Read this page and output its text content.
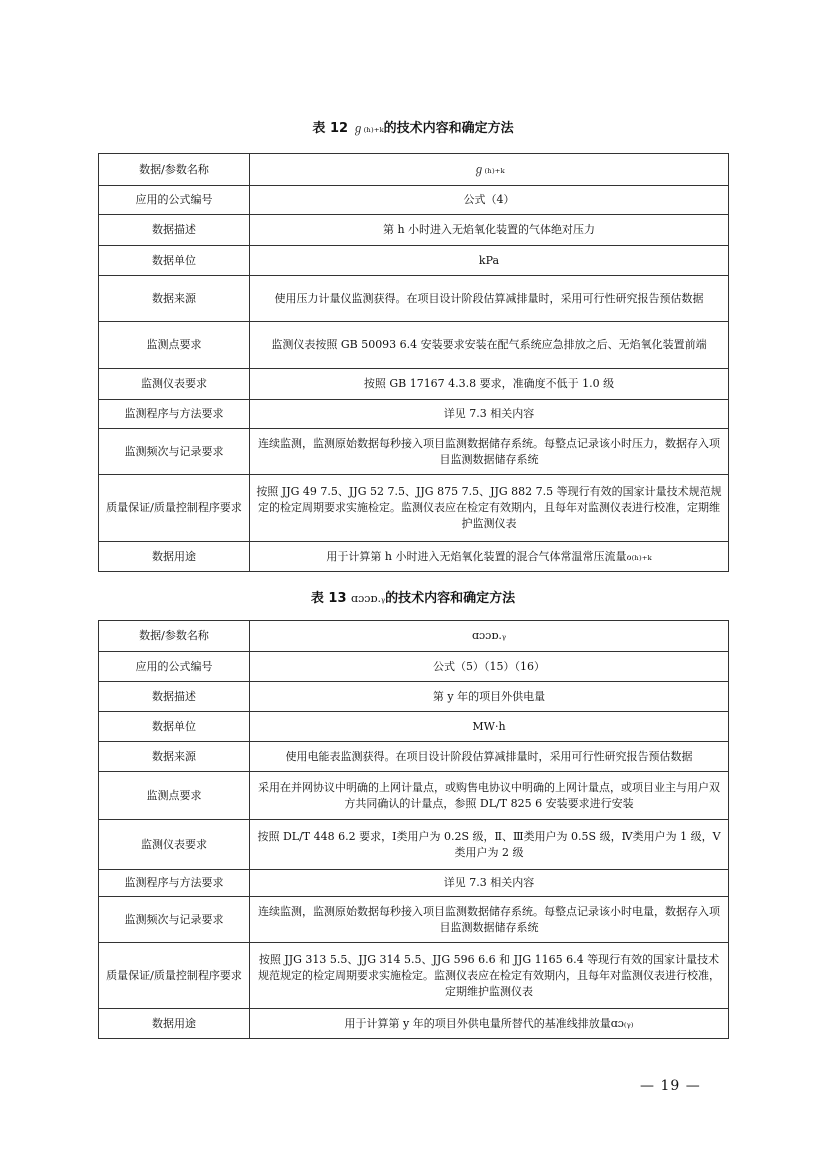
表 12 ℊ₍ₕ₎₊ₖ的技术内容和确定方法
数据/参数名称	ℊ₍ₕ₎₊ₖ
应用的公式编号	公式（4）
数据描述	第 h 小时进入无焰氧化装置的气体绝对压力
数据单位	kPa
数据来源	使用压力计量仪监测获得。在项目设计阶段估算减排量时，采用可行性研究报告预估数据
监测点要求	监测仪表按照 GB 50093 6.4 安装要求安装在配气系统应急排放之后、无焰氧化装置前端
监测仪表要求	按照 GB 17167 4.3.8 要求，准确度不低于 1.0 级
监测程序与方法要求	详见 7.3 相关内容
监测频次与记录要求	连续监测，监测原始数据每秒接入项目监测数据储存系统。每整点记录该小时压力，数据存入项目监测数据储存系统
质量保证/质量控制程序要求	按照 JJG 49 7.5、JJG 52 7.5、JJG 875 7.5、JJG 882 7.5 等现行有效的国家计量技术规范规定的检定周期要求实施检定。监测仪表应在检定有效期内，且每年对监测仪表进行校准，定期维护监测仪表
数据用途	用于计算第 h 小时进入无焰氧化装置的混合气体常温常压流量ℴ₍ₕ₎₊ₖ
表 13 ɑɔɔɒ.ᵧ的技术内容和确定方法
数据/参数名称	ɑɔɔɒ.ᵧ
应用的公式编号	公式（5）（15）（16）
数据描述	第 y 年的项目外供电量
数据单位	MW·h
数据来源	使用电能表监测获得。在项目设计阶段估算减排量时，采用可行性研究报告预估数据
监测点要求	采用在并网协议中明确的上网计量点，或购售电协议中明确的上网计量点，或项目业主与用户双方共同确认的计量点，参照 DL/T 825 6 安装要求进行安装
监测仪表要求	按照 DL/T 448 6.2 要求，Ⅰ类用户为 0.2S 级，Ⅱ、Ⅲ类用户为 0.5S 级，Ⅳ类用户为 1 级，Ⅴ类用户为 2 级
监测程序与方法要求	详见 7.3 相关内容
监测频次与记录要求	连续监测，监测原始数据每秒接入项目监测数据储存系统。每整点记录该小时电量，数据存入项目监测数据储存系统
质量保证/质量控制程序要求	按照 JJG 313 5.5、JJG 314 5.5、JJG 596 6.6 和 JJG 1165 6.4 等现行有效的国家计量技术规范规定的检定周期要求实施检定。监测仪表应在检定有效期内，且每年对监测仪表进行校准，定期维护监测仪表
数据用途	用于计算第 y 年的项目外供电量所替代的基准线排放量ɑɔ₍ᵧ₎
— 19 —
